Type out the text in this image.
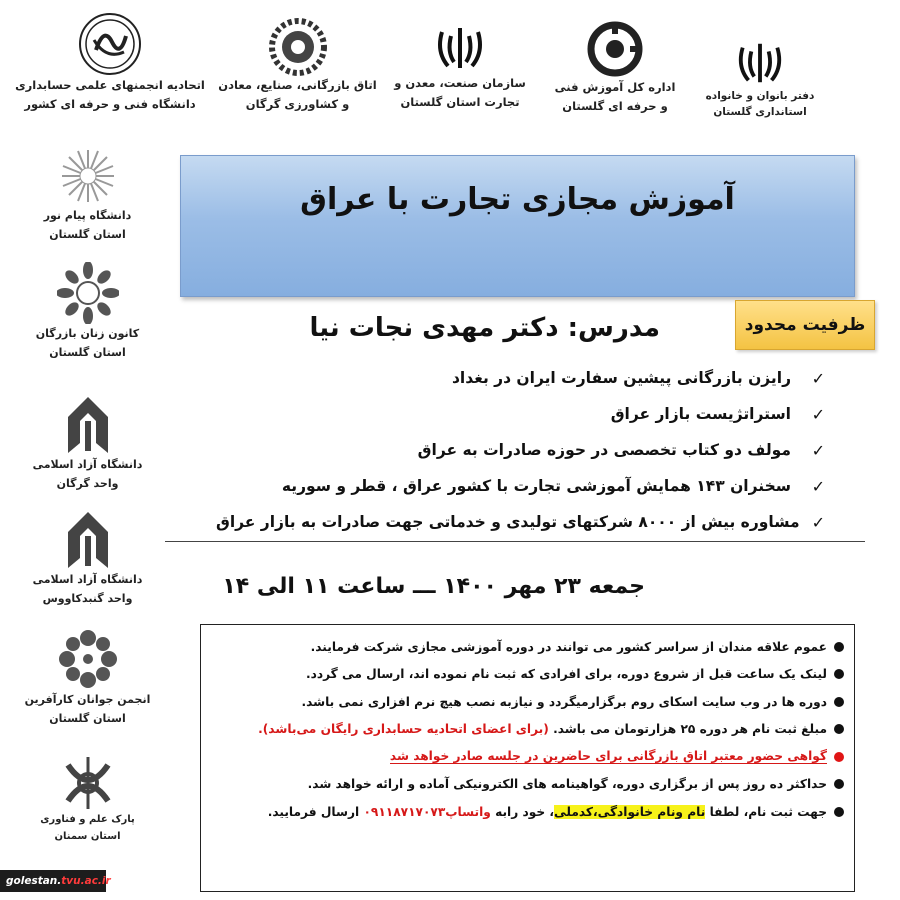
اتحادیه انجمنهای علمی حسابداری
دانشگاه فنی و حرفه ای کشور
اتاق بازرگانی، صنایع، معادن
و کشاورزی گرگان
سازمان صنعت، معدن و
تجارت استان گلستان
اداره کل آموزش فنی
و حرفه ای گلستان
دفتر بانوان و خانواده
استانداری گلستان
دانشگاه پیام نور
استان گلستان
کانون زنان بازرگان
استان گلستان
دانشگاه آزاد اسلامی
واحد گرگان
دانشگاه آزاد اسلامی
واحد گنبدکاووس
انجمن جوانان کارآفرین
استان گلستان
پارک علم و فناوری
استان سمنان
آموزش مجازی تجارت با عراق
ظرفیت محدود
مدرس: دکتر مهدی نجات نیا
✓
رایزن بازرگانی پیشین سفارت ایران در بغداد
✓
استراتژیست بازار عراق
✓
مولف دو کتاب تخصصی در حوزه صادرات به عراق
✓
سخنران ۱۴۳ همایش آموزشی تجارت با کشور عراق ، قطر و سوریه
✓
مشاوره بیش از ۸۰۰۰ شرکتهای تولیدی و خدماتی جهت صادرات به بازار عراق
جمعه ۲۳ مهر ۱۴۰۰ ـــ ساعت ۱۱ الی ۱۴
عموم علاقه مندان از سراسر کشور می توانند در دوره آموزشی مجازی شرکت فرمایند.
لینک یک ساعت قبل از شروع دوره، برای افرادی که ثبت نام نموده اند، ارسال می گردد.
دوره ها در وب سایت اسکای روم برگزارمیگردد و نیازبه نصب هیچ نرم افزاری نمی باشد.
مبلغ ثبت نام هر دوره ۲۵ هزارتومان می باشد. (برای اعضای اتحادیه حسابداری رایگان می‌باشد).
گواهی حضور معتبر اتاق بازرگانی برای حاضرین در جلسه صادر خواهد شد
حداکثر ده روز پس از برگزاری دوره، گواهینامه های الکترونیکی آماده و ارائه خواهد شد.
جهت ثبت نام، لطفا نام ونام خانوادگی،کدملی، خود رابه واتساپ۰۹۱۱۸۷۱۷۰۷۳ ارسال فرمایید.
golestan.tvu.ac.ir
